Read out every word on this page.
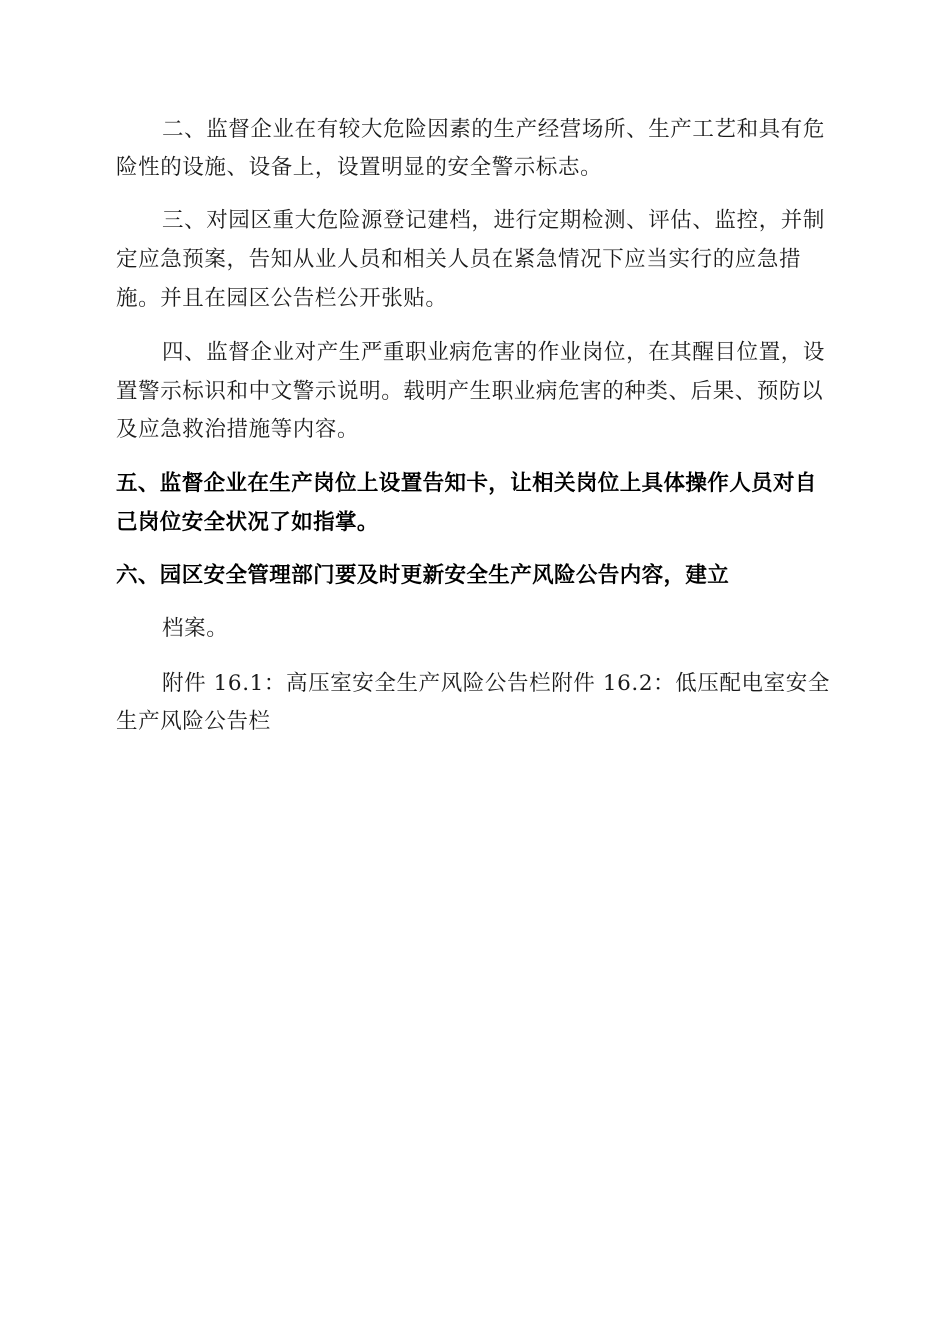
二、监督企业在有较大危险因素的生产经营场所、生产工艺和具有危
险性的设施、设备上，设置明显的安全警示标志。
三、对园区重大危险源登记建档，进行定期检测、评估、监控，并制
定应急预案，告知从业人员和相关人员在紧急情况下应当实行的应急措
施。并且在园区公告栏公开张贴。
四、监督企业对产生严重职业病危害的作业岗位，在其醒目位置，设
置警示标识和中文警示说明。载明产生职业病危害的种类、后果、预防以
及应急救治措施等内容。
五、监督企业在生产岗位上设置告知卡，让相关岗位上具体操作人员对自
己岗位安全状况了如指掌。
六、园区安全管理部门要及时更新安全生产风险公告内容，建立
档案。
附件 16.1：高压室安全生产风险公告栏附件 16.2：低压配电室安全
生产风险公告栏
